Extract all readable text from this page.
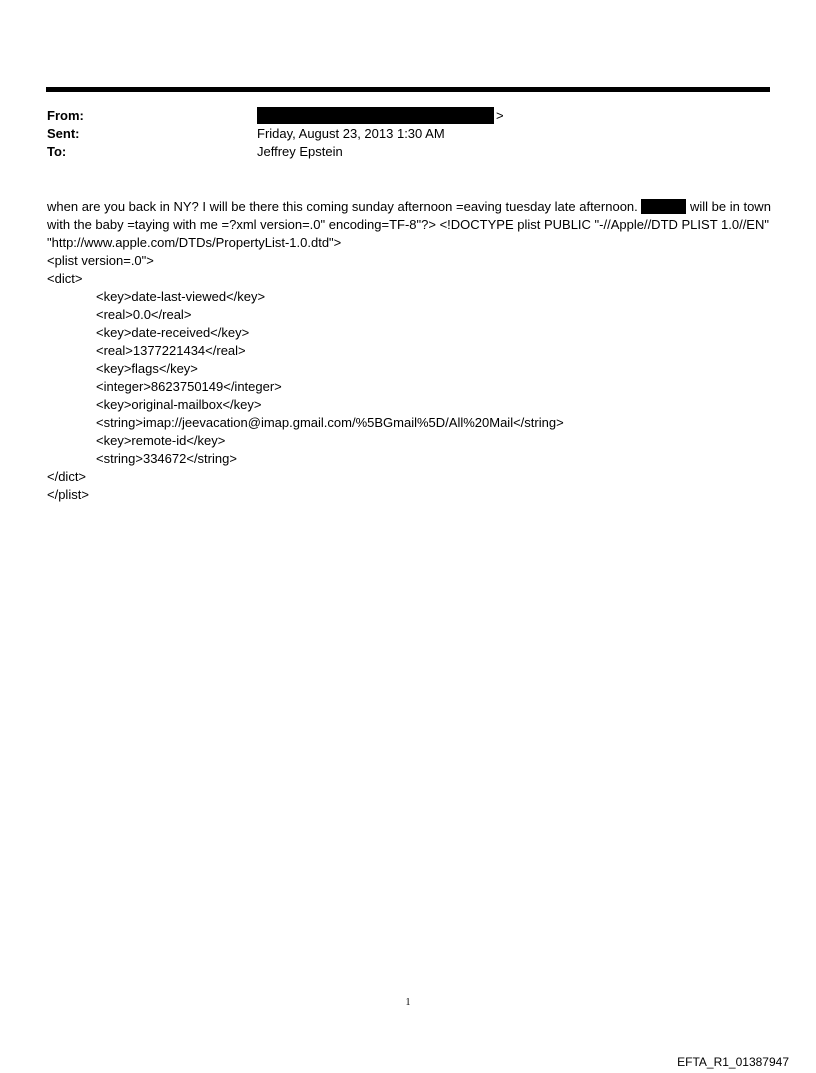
From:	>
Sent:	Friday, August 23, 2013 1:30 AM
To:	Jeffrey Epstein

when are you back in NY? I will be there this coming sunday afternoon =eaving tuesday late afternoon.	will be in town with the baby =taying with me =?xml version=.0" encoding=TF-8"?> <!DOCTYPE plist PUBLIC "-//Apple//DTD PLIST 1.0//EN" "http://www.apple.com/DTDs/PropertyList-1.0.dtd">

<plist version=.0">
<dict>
<key>date-last-viewed</key>
<real>0.0</real>
<key>date-received</key>
<real>1377221434</real>
<key>flags</key>
<integer>8623750149</integer>
<key>original-mailbox</key>
<string>imap://jeevacation@imap.gmail.com/%5BGmail%5D/All%20Mail</string>
<key>remote-id</key>
<string>334672</string>
</dict>
</plist>
1
EFTA_R1_01387947
